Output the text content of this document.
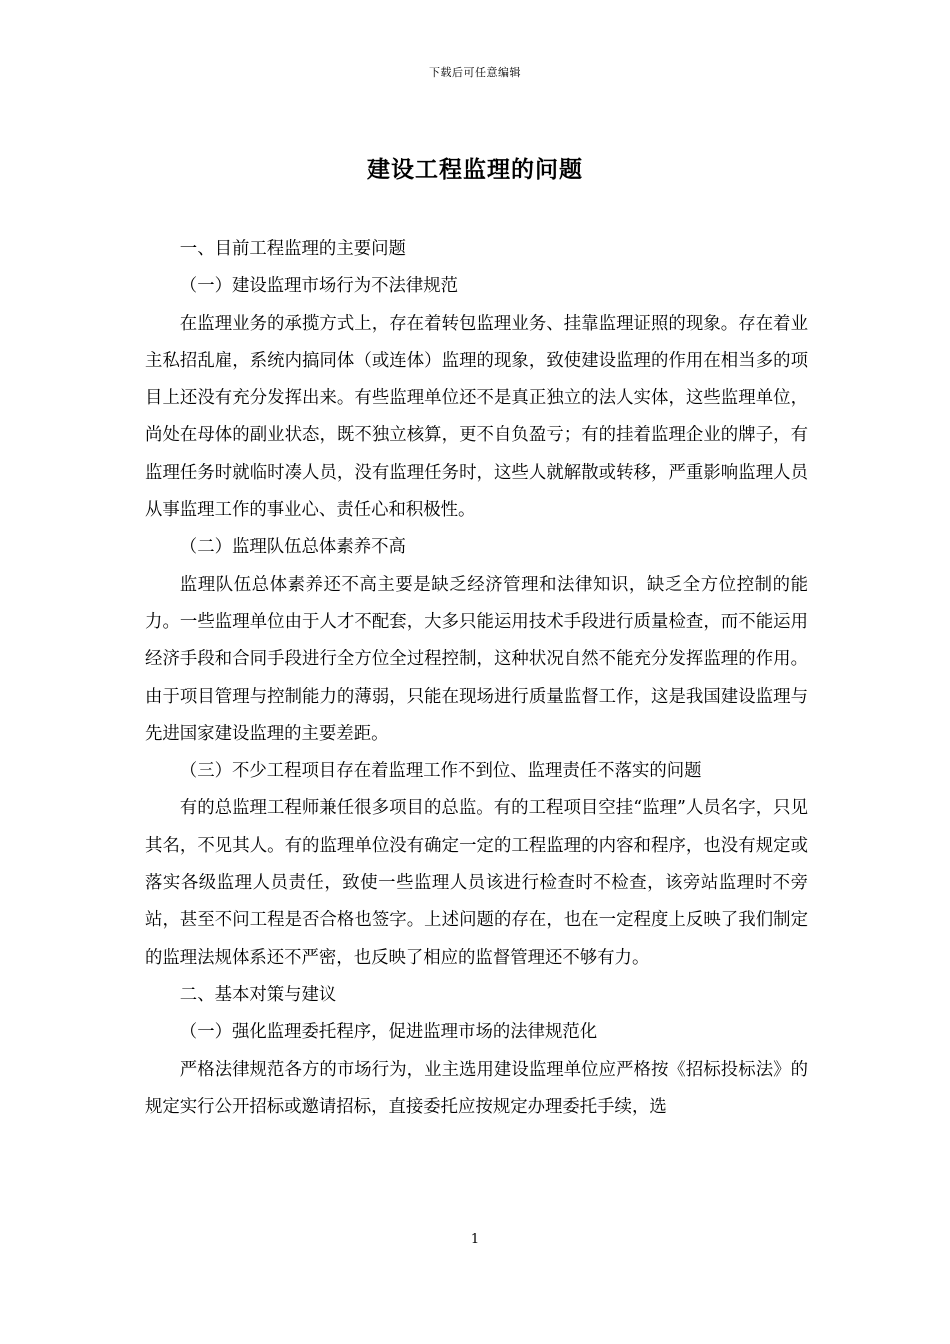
下载后可任意编辑
建设工程监理的问题

一、目前工程监理的主要问题

（一）建设监理市场行为不法律规范

在监理业务的承揽方式上，存在着转包监理业务、挂靠监理证照的现象。存在着业主私招乱雇，系统内搞同体（或连体）监理的现象，致使建设监理的作用在相当多的项目上还没有充分发挥出来。有些监理单位还不是真正独立的法人实体，这些监理单位，尚处在母体的副业状态，既不独立核算，更不自负盈亏；有的挂着监理企业的牌子，有监理任务时就临时凑人员，没有监理任务时，这些人就解散或转移，严重影响监理人员从事监理工作的事业心、责任心和积极性。

（二）监理队伍总体素养不高

监理队伍总体素养还不高主要是缺乏经济管理和法律知识，缺乏全方位控制的能力。一些监理单位由于人才不配套，大多只能运用技术手段进行质量检查，而不能运用经济手段和合同手段进行全方位全过程控制，这种状况自然不能充分发挥监理的作用。由于项目管理与控制能力的薄弱，只能在现场进行质量监督工作，这是我国建设监理与先进国家建设监理的主要差距。

（三）不少工程项目存在着监理工作不到位、监理责任不落实的问题

有的总监理工程师兼任很多项目的总监。有的工程项目空挂“监理”人员名字，只见其名，不见其人。有的监理单位没有确定一定的工程监理的内容和程序，也没有规定或落实各级监理人员责任，致使一些监理人员该进行检查时不检查，该旁站监理时不旁站，甚至不问工程是否合格也签字。上述问题的存在，也在一定程度上反映了我们制定的监理法规体系还不严密，也反映了相应的监督管理还不够有力。

二、基本对策与建议

（一）强化监理委托程序，促进监理市场的法律规范化

严格法律规范各方的市场行为，业主选用建设监理单位应严格按《招标投标法》的规定实行公开招标或邀请招标，直接委托应按规定办理委托手续，选

1
